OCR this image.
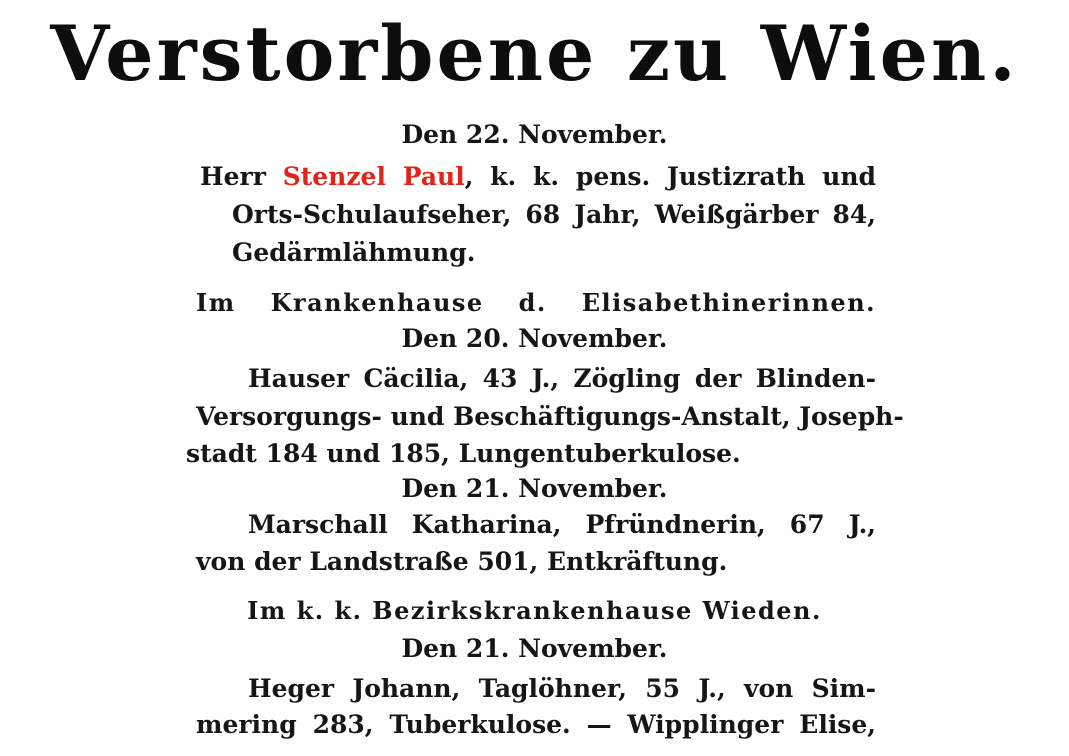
Verstorbene zu Wien.
Den 22. November.
Herr Stenzel Paul, k. k. pens. Justizrath und
Orts-Schulaufseher, 68 Jahr, Weißgärber 84,
Gedärmlähmung.
Im Krankenhause d. Elisabethinerinnen.
Den 20. November.
Hauser Cäcilia, 43 J., Zögling der Blinden-
Versorgungs- und Beschäftigungs-Anstalt, Joseph-
stadt 184 und 185, Lungentuberkulose.
Den 21. November.
Marschall Katharina, Pfründnerin, 67 J.,
von der Landstraße 501, Entkräftung.
Im k. k. Bezirkskrankenhause Wieden.
Den 21. November.
Heger Johann, Taglöhner, 55 J., von Sim-
mering 283, Tuberkulose. — Wipplinger Elise,
